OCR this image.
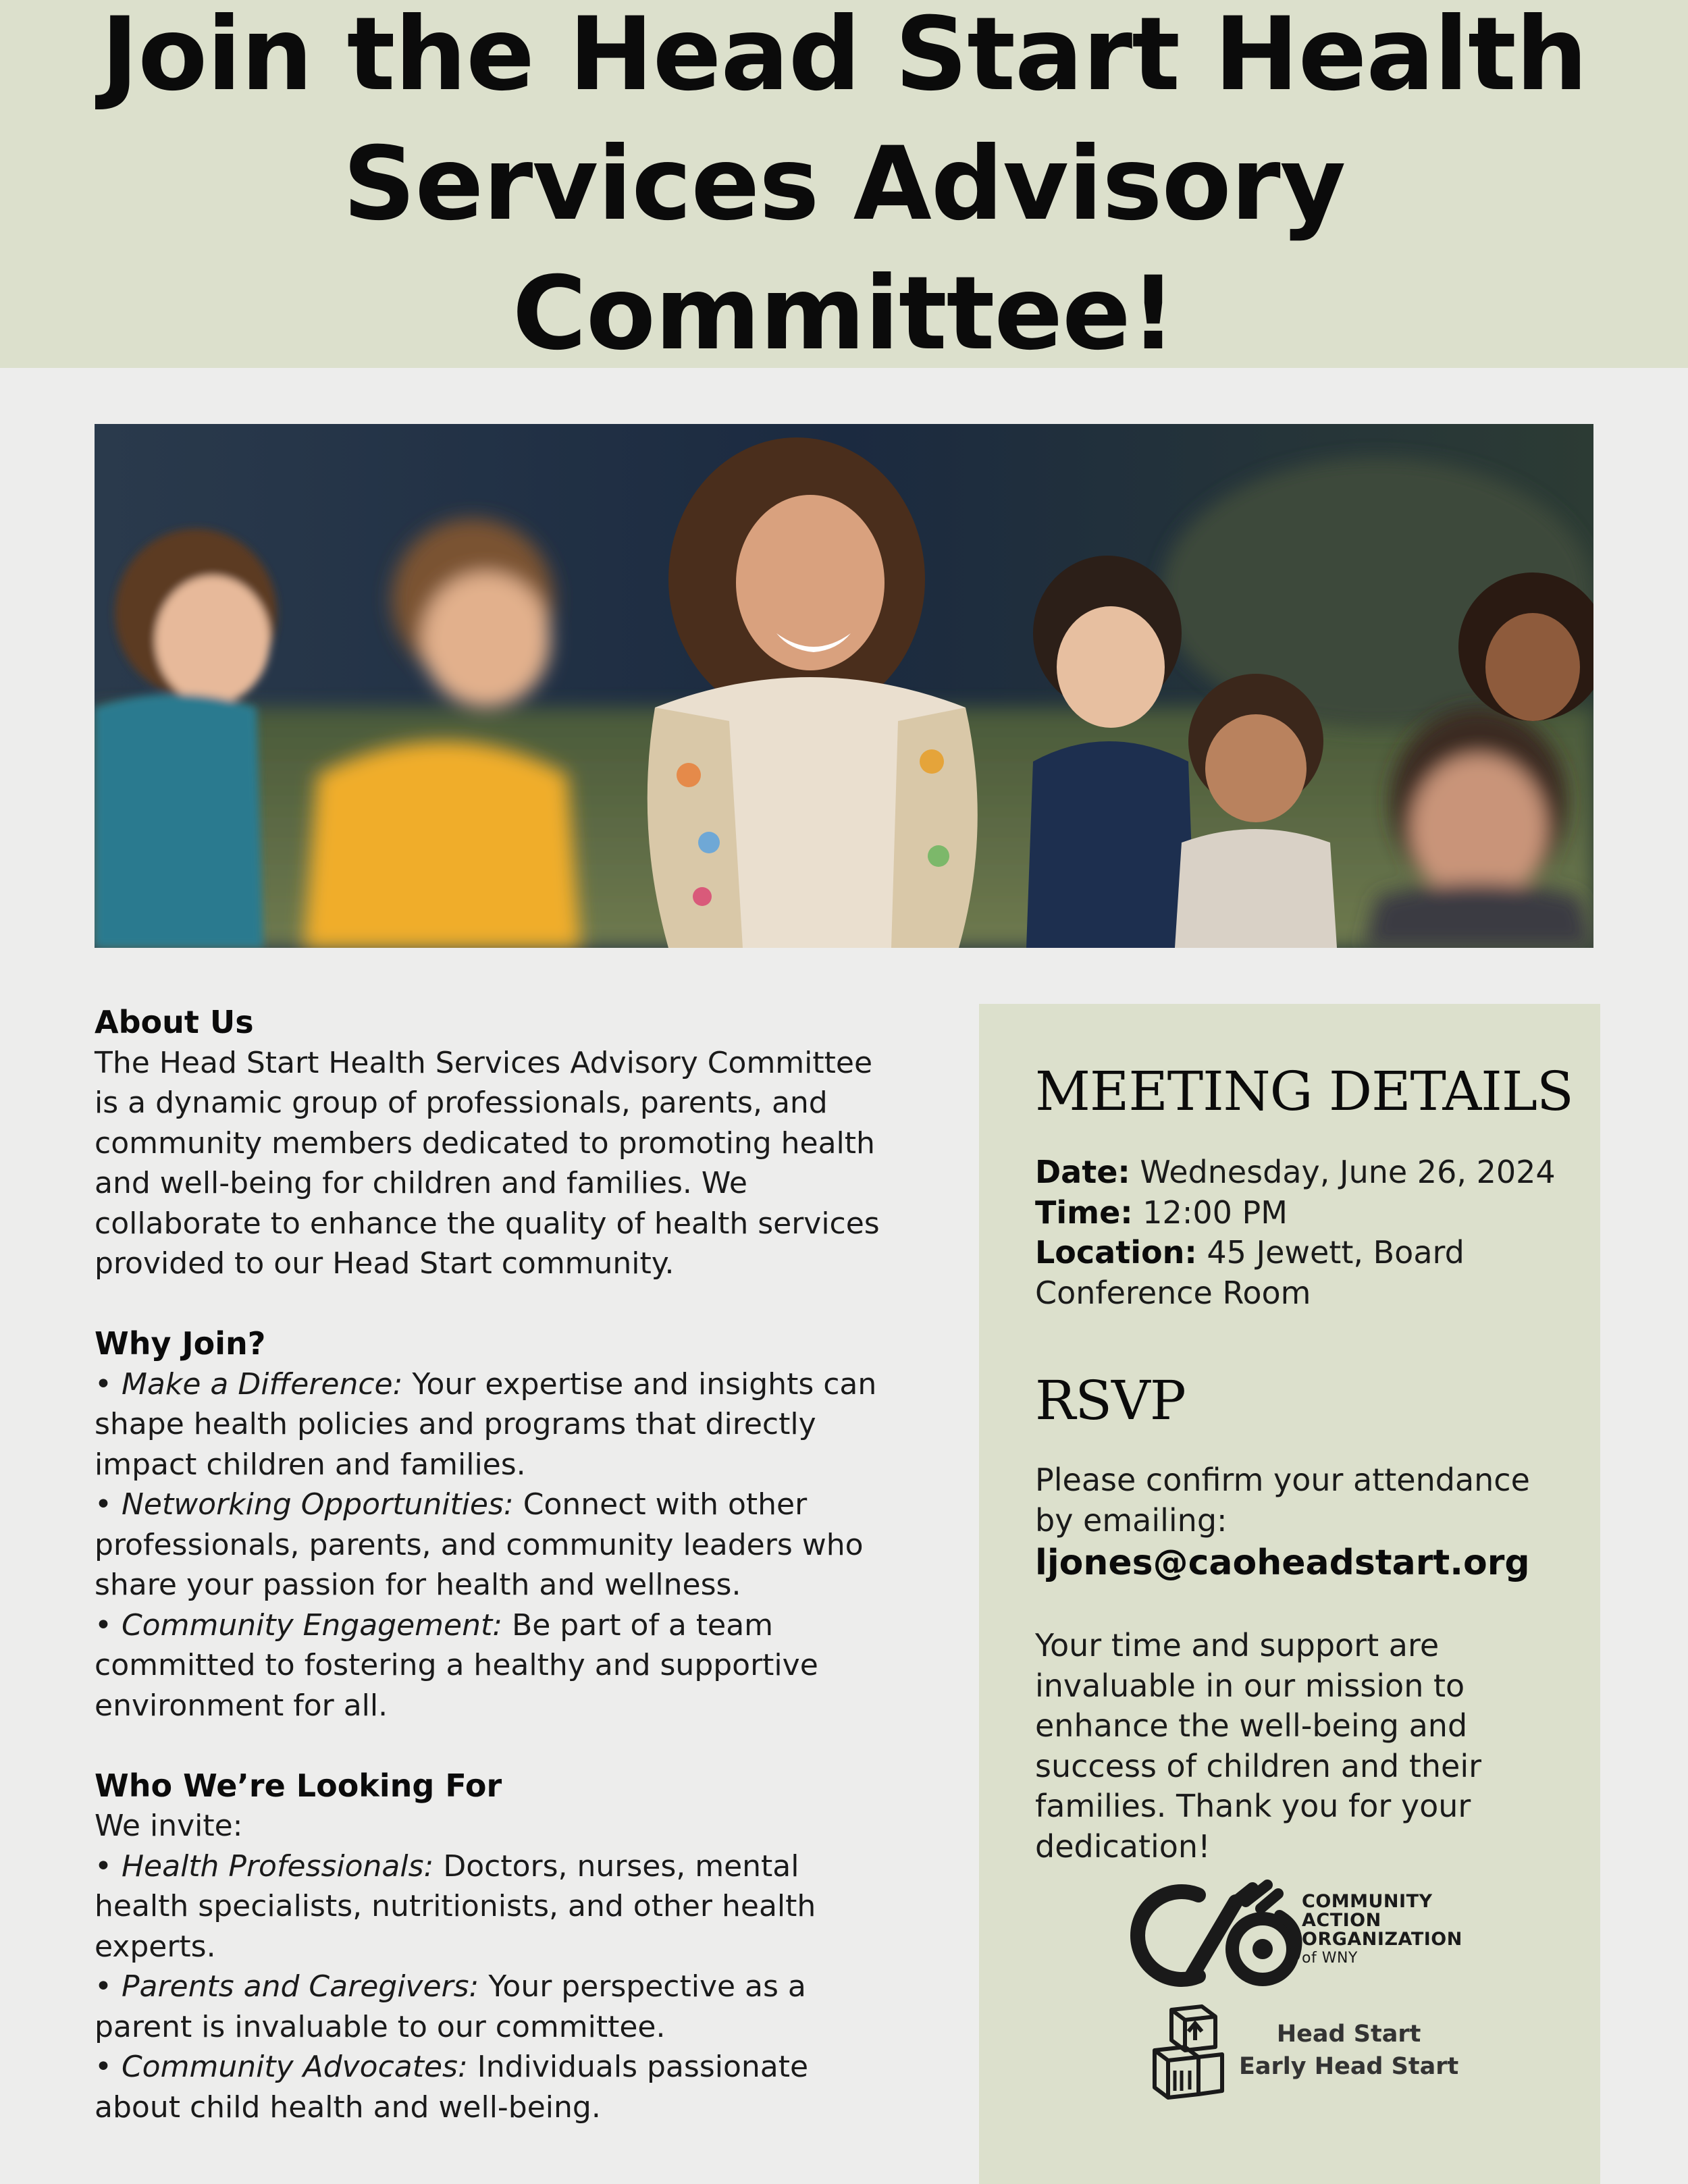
Join the Head Start Health
Services Advisory Committee!
About Us

The Head Start Health Services Advisory Committee is a dynamic group of professionals, parents, and community members dedicated to promoting health and well-being for children and families. We collaborate to enhance the quality of health services provided to our Head Start community.

Why Join?

• Make a Difference: Your expertise and insights can shape health policies and programs that directly impact children and families.

• Networking Opportunities: Connect with other professionals, parents, and community leaders who share your passion for health and wellness.

• Community Engagement: Be part of a team committed to fostering a healthy and supportive environment for all.

Who We’re Looking For

We invite:

• Health Professionals: Doctors, nurses, mental health specialists, nutritionists, and other health experts.

• Parents and Caregivers: Your perspective as a parent is invaluable to our committee.

• Community Advocates: Individuals passionate about child health and well-being.

MEETING DETAILS
Date: Wednesday, June 26, 2024
Time: 12:00 PM
Location: 45 Jewett, Board Conference Room
RSVP
Please confirm your attendance by emailing:
ljones@caoheadstart.org
Your time and support are invaluable in our mission to enhance the well-being and success of children and their families. Thank you for your dedication!
COMMUNITY
ACTION
ORGANIZATION
of WNY
Head Start
Early Head Start
